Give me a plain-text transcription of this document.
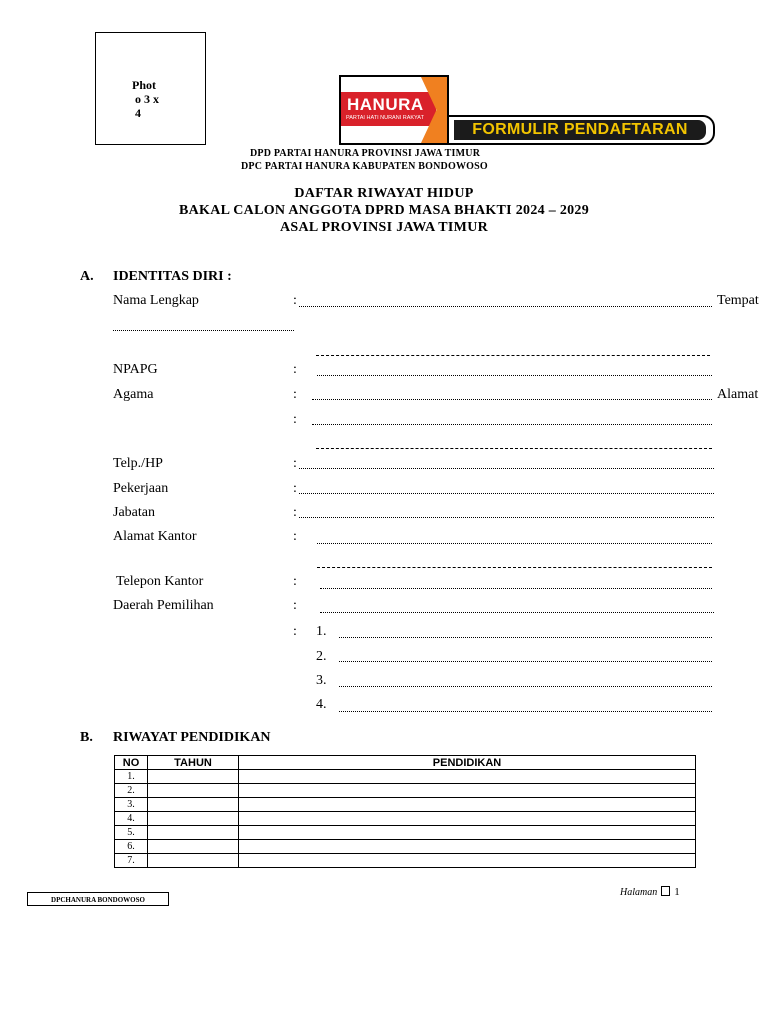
Phot
o 3 x
4	HANURA
PARTAI HATI NURANI RAKYAT
FORMULIR PENDAFTARAN
DPD PARTAI HANURA PROVINSI JAWA TIMUR
DPC PARTAI HANURA KABUPATEN BONDOWOSO
DAFTAR RIWAYAT HIDUP
BAKAL CALON ANGGOTA DPRD MASA BHAKTI 2024 – 2029
ASAL PROVINSI JAWA TIMUR
A. IDENTITAS DIRI :
Nama Lengkap	:	Tempat
NPAPG	:
Agama	:	Alamat
:
Telp./HP	:
Pekerjaan	:
Jabatan	:
Alamat Kantor	:
Telepon Kantor	:
Daerah Pemilihan	:
: 1.
2.
3.
4.
B. RIWAYAT PENDIDIKAN
NO	TAHUN	PENDIDIKAN
1.		
2.		
3.		
4.		
5.		
6.		
7.		
DPCHANURA BONDOWOSO
Halaman 1
